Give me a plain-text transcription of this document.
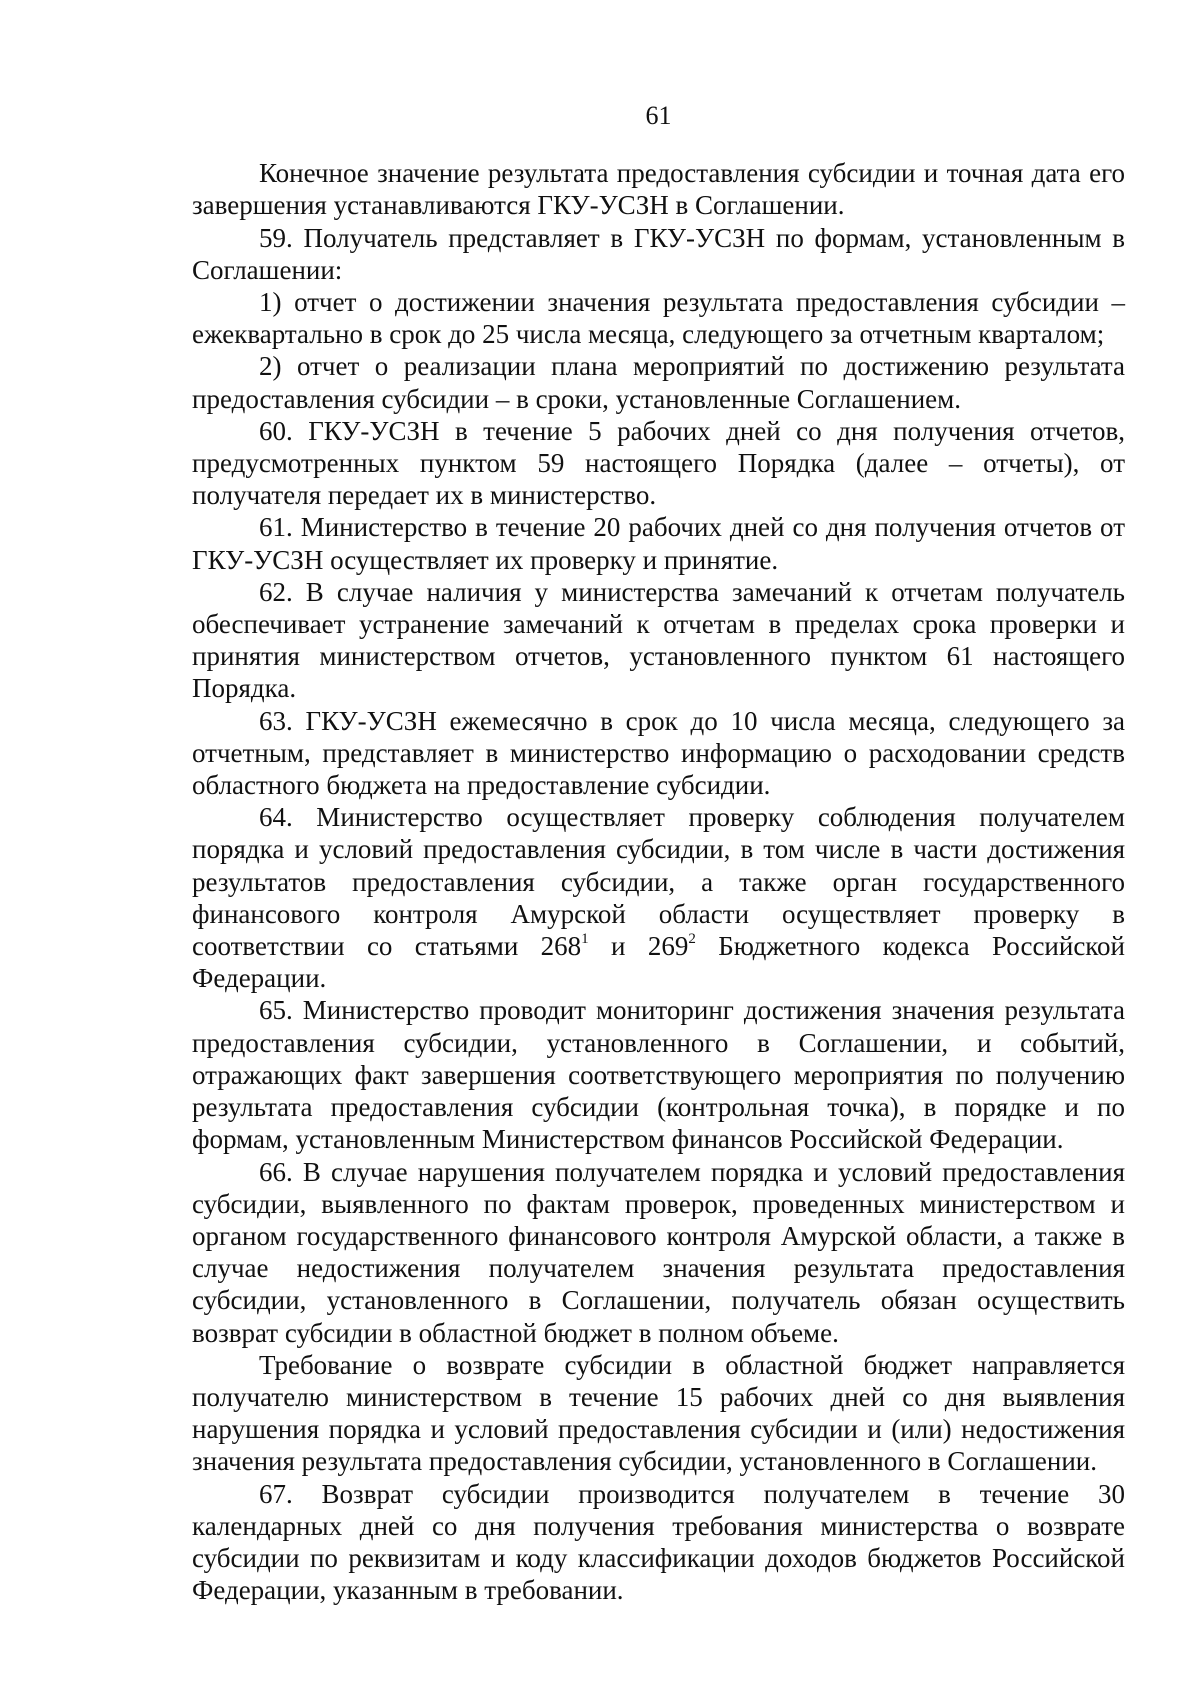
61

Конечное значение результата предоставления субсидии и точная дата его завершения устанавливаются ГКУ-УСЗН в Соглашении.

59. Получатель представляет в ГКУ-УСЗН по формам, установленным в Соглашении:

1) отчет о достижении значения результата предоставления субсидии – ежеквартально в срок до 25 числа месяца, следующего за отчетным кварталом;

2) отчет о реализации плана мероприятий по достижению результата предоставления субсидии – в сроки, установленные Соглашением.

60. ГКУ-УСЗН в течение 5 рабочих дней со дня получения отчетов, предусмотренных пунктом 59 настоящего Порядка (далее – отчеты), от получателя передает их в министерство.

61. Министерство в течение 20 рабочих дней со дня получения отчетов от ГКУ-УСЗН осуществляет их проверку и принятие.

62. В случае наличия у министерства замечаний к отчетам получатель обеспечивает устранение замечаний к отчетам в пределах срока проверки и принятия министерством отчетов, установленного пунктом 61 настоящего Порядка.

63. ГКУ-УСЗН ежемесячно в срок до 10 числа месяца, следующего за отчетным, представляет в министерство информацию о расходовании средств областного бюджета на предоставление субсидии.

64. Министерство осуществляет проверку соблюдения получателем порядка и условий предоставления субсидии, в том числе в части достижения результатов предоставления субсидии, а также орган государственного финансового контроля Амурской области осуществляет проверку в соответствии со статьями $268^1$ и $269^2$ Бюджетного кодекса Российской Федерации.

65. Министерство проводит мониторинг достижения значения результата предоставления субсидии, установленного в Соглашении, и событий, отражающих факт завершения соответствующего мероприятия по получению результата предоставления субсидии (контрольная точка), в порядке и по формам, установленным Министерством финансов Российской Федерации.

66. В случае нарушения получателем порядка и условий предоставления субсидии, выявленного по фактам проверок, проведенных министерством и органом государственного финансового контроля Амурской области, а также в случае недостижения получателем значения результата предоставления субсидии, установленного в Соглашении, получатель обязан осуществить возврат субсидии в областной бюджет в полном объеме.

Требование о возврате субсидии в областной бюджет направляется получателю министерством в течение 15 рабочих дней со дня выявления нарушения порядка и условий предоставления субсидии и (или) недостижения значения результата предоставления субсидии, установленного в Соглашении.

67. Возврат субсидии производится получателем в течение 30 календарных дней со дня получения требования министерства о возврате субсидии по реквизитам и коду классификации доходов бюджетов Российской Федерации, указанным в требовании.
